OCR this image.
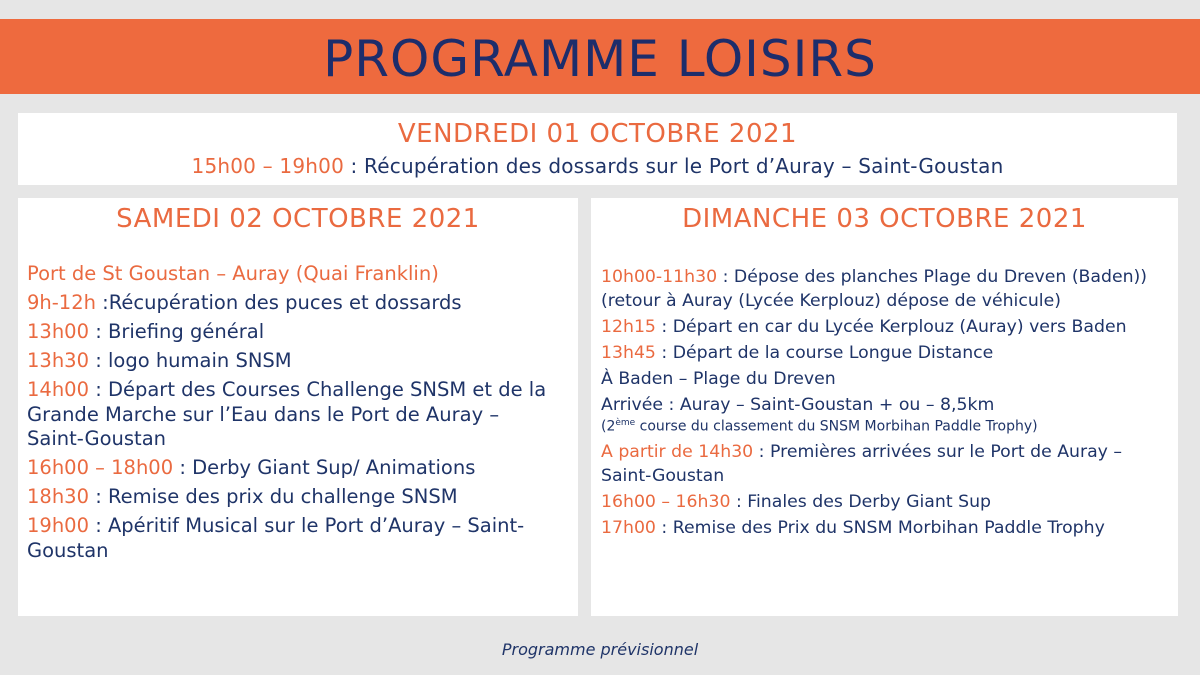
PROGRAMME LOISIRS
VENDREDI 01 OCTOBRE 2021
15h00 – 19h00 : Récupération des dossards sur le Port d’Auray – Saint-Goustan
SAMEDI 02 OCTOBRE 2021
Port de St Goustan – Auray (Quai Franklin)
9h-12h :Récupération des puces et dossards
13h00 : Briefing général
13h30 : logo humain SNSM
14h00 : Départ des Courses Challenge SNSM et de la Grande Marche sur l’Eau dans le Port de Auray –     Saint-Goustan
16h00 – 18h00 : Derby Giant Sup/ Animations
18h30 : Remise des prix du challenge SNSM
19h00 : Apéritif Musical sur le Port d’Auray – Saint-Goustan
DIMANCHE 03 OCTOBRE 2021
10h00-11h30 : Dépose des planches Plage du Dreven (Baden)) (retour à Auray (Lycée Kerplouz) dépose de véhicule)
12h15 : Départ en car du Lycée Kerplouz (Auray) vers Baden
13h45 : Départ de la course Longue Distance
À Baden – Plage du Dreven
Arrivée : Auray – Saint-Goustan + ou – 8,5km
(2ème course du classement du SNSM Morbihan Paddle Trophy)
A partir de 14h30 : Premières arrivées sur le Port de Auray – Saint-Goustan
16h00 – 16h30 : Finales des Derby Giant Sup
17h00 : Remise des Prix du SNSM Morbihan Paddle Trophy
Programme prévisionnel
